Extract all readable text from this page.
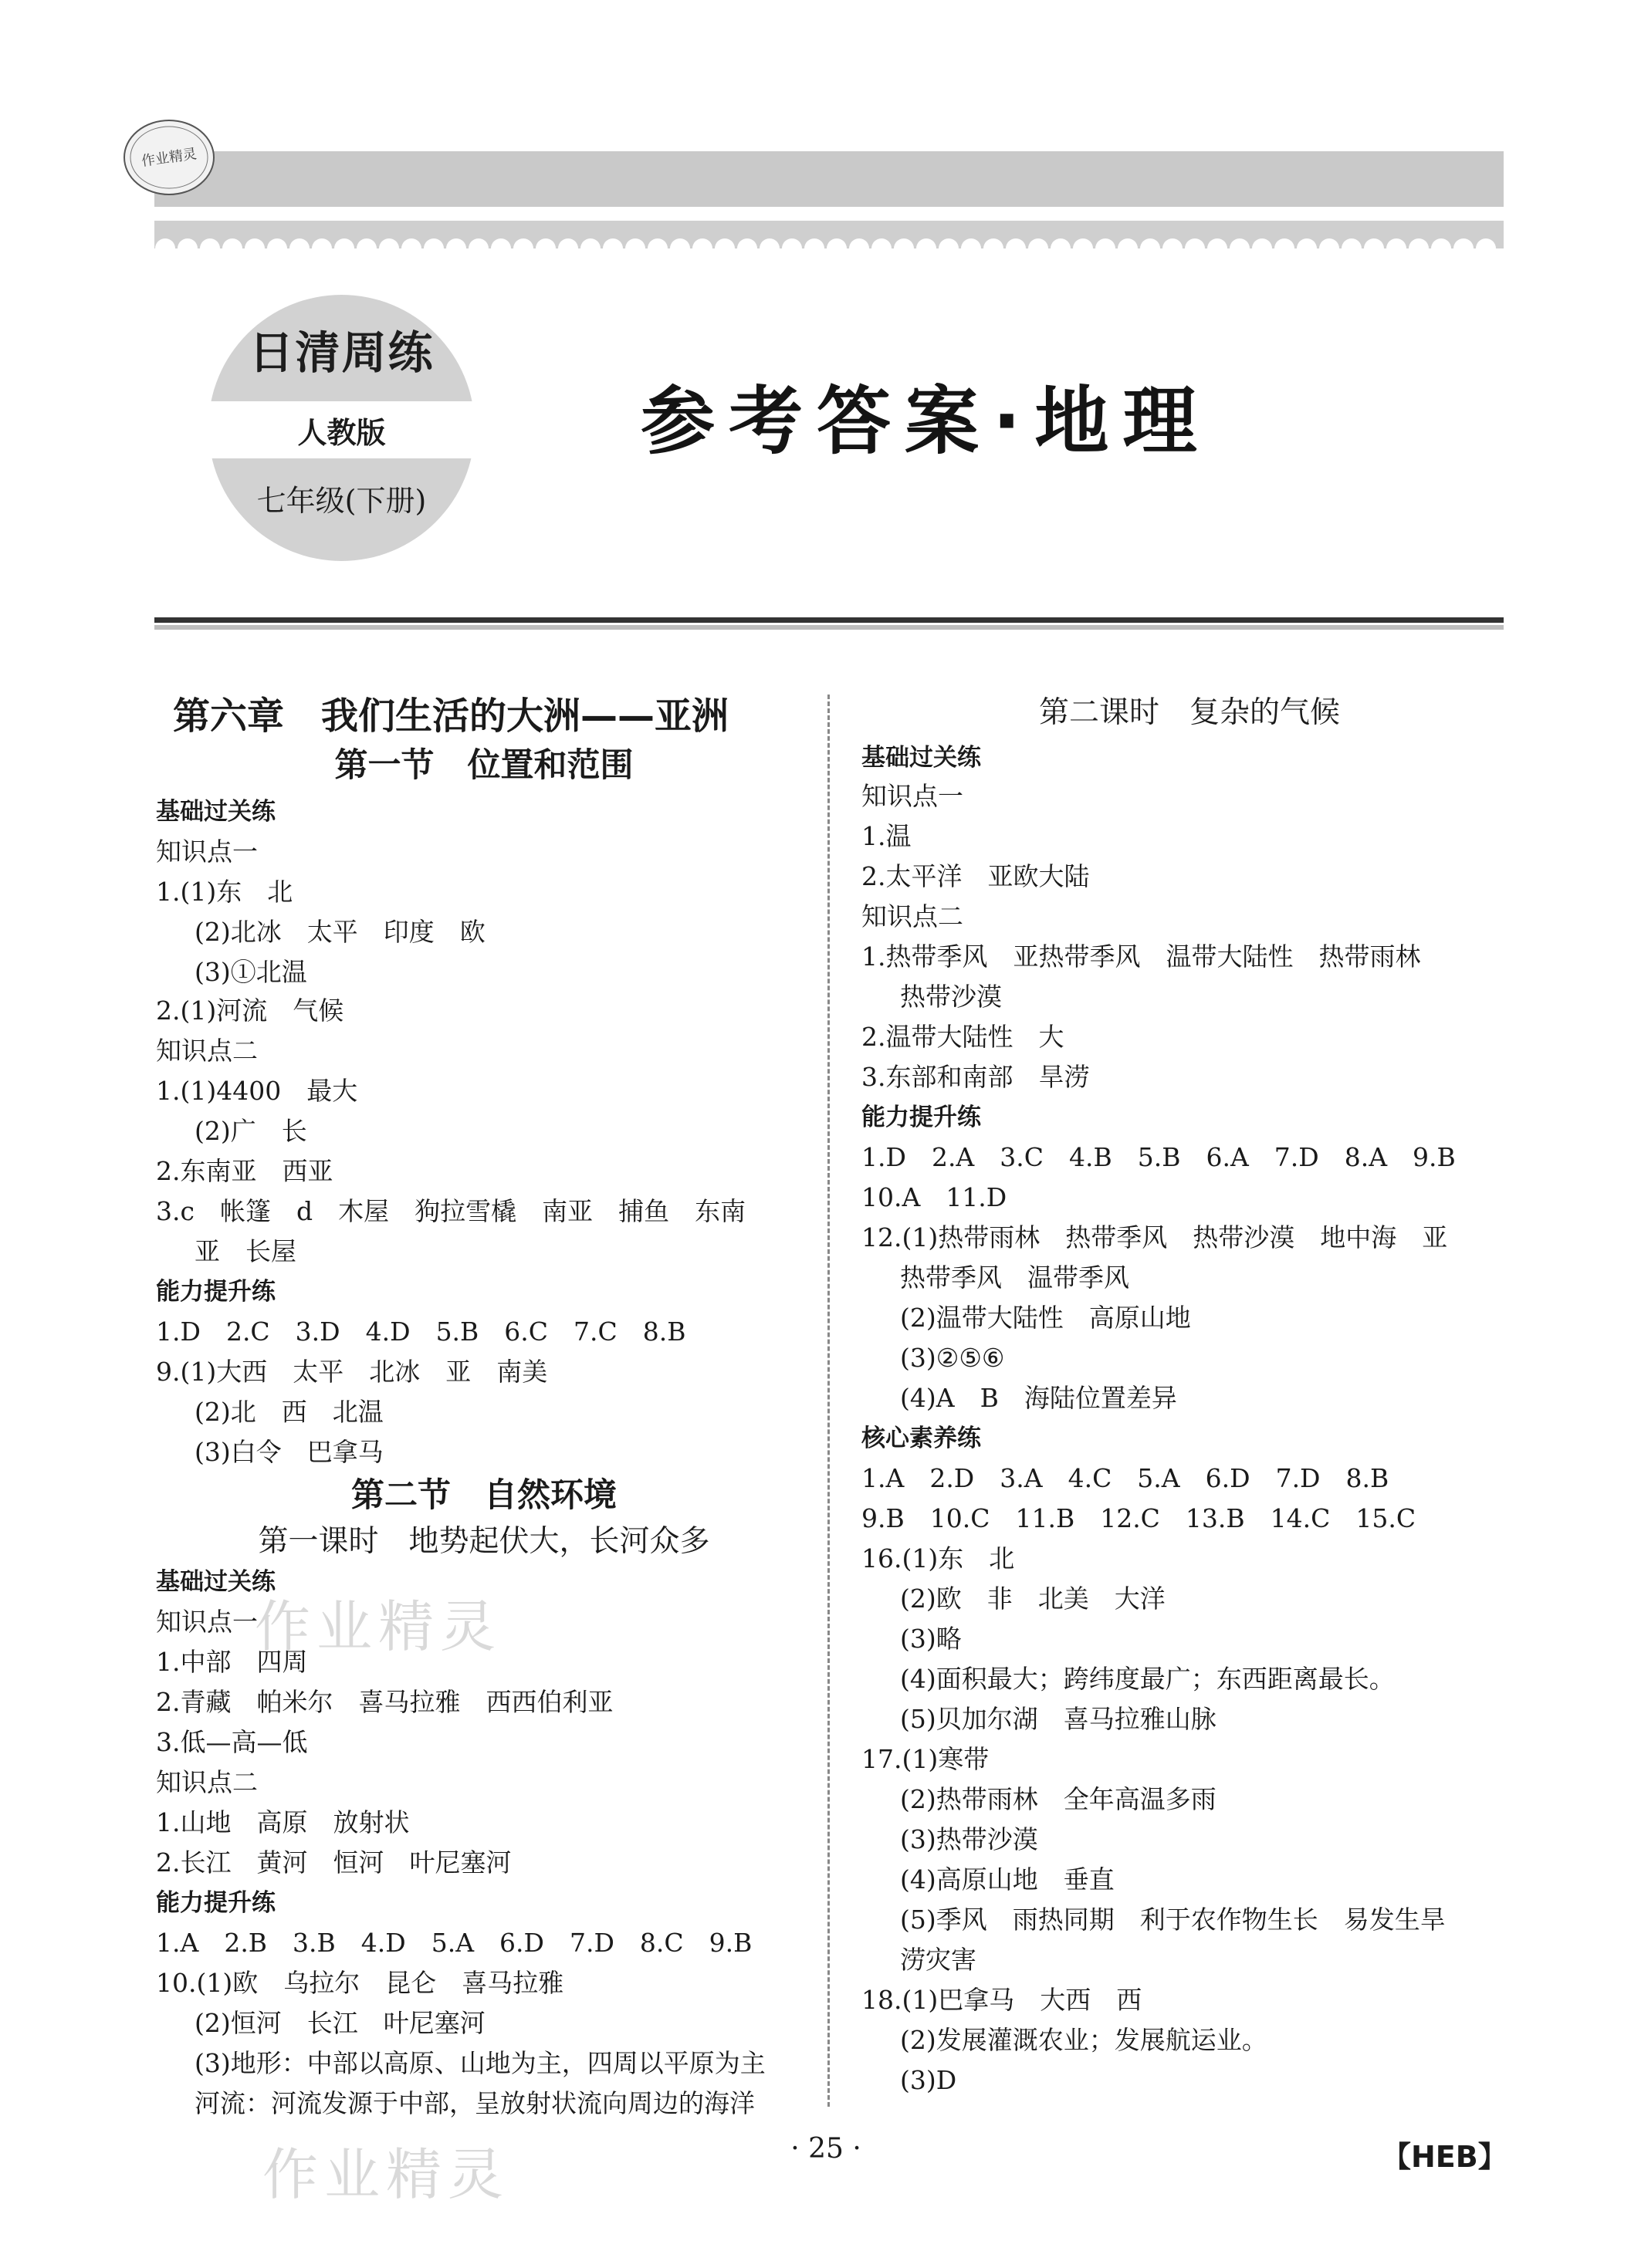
作业精灵
日清周练
人教版
七年级(下册)
参考答案·地理
第六章　我们生活的大洲——亚洲
第一节　位置和范围
基础过关练
知识点一
1.(1)东　北
(2)北冰　太平　印度　欧
(3)①北温
2.(1)河流　气候
知识点二
1.(1)4400　最大
(2)广　长
2.东南亚　西亚
3.c　帐篷　d　木屋　狗拉雪橇　南亚　捕鱼　东南
亚　长屋
能力提升练
1.D　2.C　3.D　4.D　5.B　6.C　7.C　8.B
9.(1)大西　太平　北冰　亚　南美
(2)北　西　北温
(3)白令　巴拿马
第二节　自然环境
第一课时　地势起伏大，长河众多
基础过关练
知识点一
1.中部　四周
2.青藏　帕米尔　喜马拉雅　西西伯利亚
3.低—高—低
知识点二
1.山地　高原　放射状
2.长江　黄河　恒河　叶尼塞河
能力提升练
1.A　2.B　3.B　4.D　5.A　6.D　7.D　8.C　9.B
10.(1)欧　乌拉尔　昆仑　喜马拉雅
(2)恒河　长江　叶尼塞河
(3)地形：中部以高原、山地为主，四周以平原为主
河流：河流发源于中部，呈放射状流向周边的海洋
第二课时　复杂的气候
基础过关练
知识点一
1.温
2.太平洋　亚欧大陆
知识点二
1.热带季风　亚热带季风　温带大陆性　热带雨林
热带沙漠
2.温带大陆性　大
3.东部和南部　旱涝
能力提升练
1.D　2.A　3.C　4.B　5.B　6.A　7.D　8.A　9.B
10.A　11.D
12.(1)热带雨林　热带季风　热带沙漠　地中海　亚
热带季风　温带季风
(2)温带大陆性　高原山地
(3)②⑤⑥
(4)A　B　海陆位置差异
核心素养练
1.A　2.D　3.A　4.C　5.A　6.D　7.D　8.B
9.B　10.C　11.B　12.C　13.B　14.C　15.C
16.(1)东　北
(2)欧　非　北美　大洋
(3)略
(4)面积最大；跨纬度最广；东西距离最长。
(5)贝加尔湖　喜马拉雅山脉
17.(1)寒带
(2)热带雨林　全年高温多雨
(3)热带沙漠
(4)高原山地　垂直
(5)季风　雨热同期　利于农作物生长　易发生旱
涝灾害
18.(1)巴拿马　大西　西
(2)发展灌溉农业；发展航运业。
(3)D
作业精灵
作业精灵	· 25 ·	【HEB】
